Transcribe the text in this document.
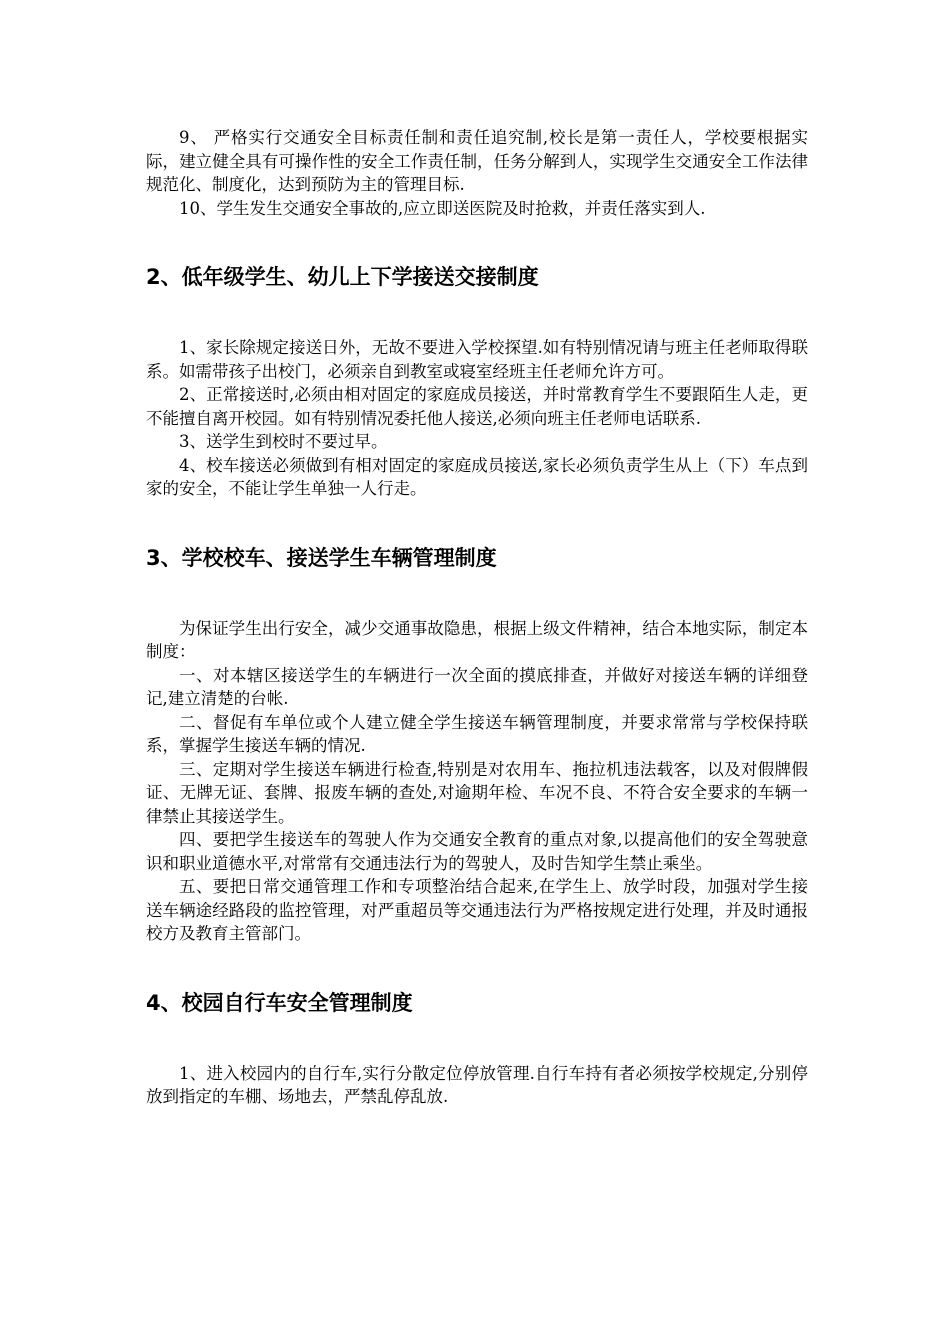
9、 严格实行交通安全目标责任制和责任追究制,校长是第一责任人，学校要根据实际，建立健全具有可操作性的安全工作责任制，任务分解到人，实现学生交通安全工作法律规范化、制度化，达到预防为主的管理目标.

10、学生发生交通安全事故的,应立即送医院及时抢救，并责任落实到人.

2、低年级学生、幼儿上下学接送交接制度

1、家长除规定接送日外，无故不要进入学校探望.如有特别情况请与班主任老师取得联系。如需带孩子出校门，必须亲自到教室或寝室经班主任老师允许方可。

2、正常接送时,必须由相对固定的家庭成员接送，并时常教育学生不要跟陌生人走，更不能擅自离开校园。如有特别情况委托他人接送,必须向班主任老师电话联系.

3、送学生到校时不要过早。

4、校车接送必须做到有相对固定的家庭成员接送,家长必须负责学生从上（下）车点到家的安全，不能让学生单独一人行走。

3、学校校车、接送学生车辆管理制度

为保证学生出行安全，减少交通事故隐患，根据上级文件精神，结合本地实际，制定本制度：

一、对本辖区接送学生的车辆进行一次全面的摸底排查，并做好对接送车辆的详细登记,建立清楚的台帐.

二、督促有车单位或个人建立健全学生接送车辆管理制度，并要求常常与学校保持联系，掌握学生接送车辆的情况.

三、定期对学生接送车辆进行检查,特别是对农用车、拖拉机违法载客，以及对假牌假证、无牌无证、套牌、报废车辆的查处,对逾期年检、车况不良、不符合安全要求的车辆一律禁止其接送学生。

四、要把学生接送车的驾驶人作为交通安全教育的重点对象,以提高他们的安全驾驶意识和职业道德水平,对常常有交通违法行为的驾驶人，及时告知学生禁止乘坐。

五、要把日常交通管理工作和专项整治结合起来,在学生上、放学时段，加强对学生接送车辆途经路段的监控管理，对严重超员等交通违法行为严格按规定进行处理，并及时通报校方及教育主管部门。

4、校园自行车安全管理制度

1、进入校园内的自行车,实行分散定位停放管理.自行车持有者必须按学校规定,分别停放到指定的车棚、场地去，严禁乱停乱放.
